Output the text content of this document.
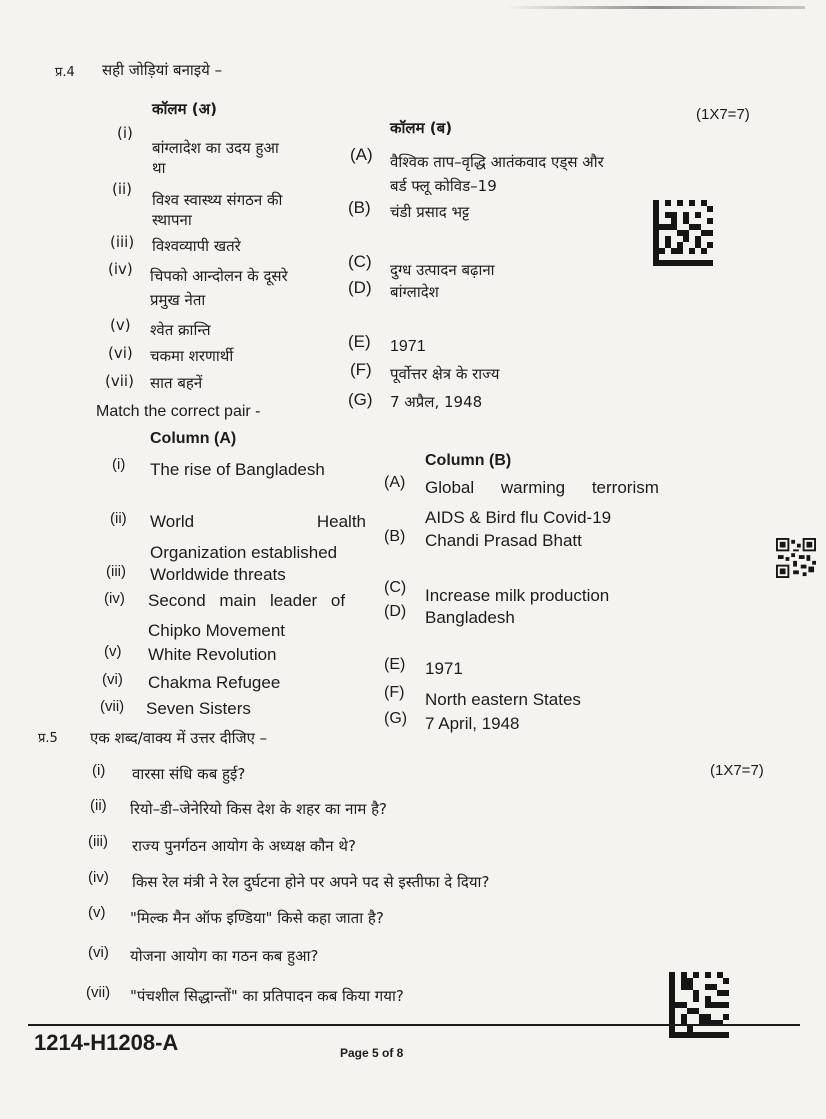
प्र.4 सही जोड़ियां बनाइये –
(1X7=7)
कॉलम (अ)
कॉलम (ब)
(i)
बांग्लादेश का उदय हुआ
था
(ii)
विश्व स्वास्थ्य संगठन की
स्थापना
(iii) विश्वव्यापी खतरे
(iv) चिपको आन्दोलन के दूसरे
प्रमुख नेता
(v) श्वेत क्रान्ति
(vi) चकमा शरणार्थी
(vii) सात बहनें
(A) वैश्विक ताप–वृद्धि आतंकवाद एड्स और
बर्ड फ्लू कोविड–19
(B) चंडी प्रसाद भट्ट
(C) दुग्ध उत्पादन बढ़ाना
(D) बांग्लादेश
(E) 1971
(F) पूर्वोत्तर क्षेत्र के राज्य
(G) 7 अप्रैल, 1948
Match the correct pair -
Column (A)
Column (B)
(i) The rise of Bangladesh
(ii) World	Health
Organization established
(iii) Worldwide threats
(iv) Second main leader of
Chipko Movement
(v) White Revolution
(vi) Chakma Refugee
(vii) Seven Sisters
(A) Global warming terrorism
AIDS & Bird flu Covid-19
(B) Chandi Prasad Bhatt
(C) Increase milk production
(D) Bangladesh
(E) 1971
(F) North eastern States
(G) 7 April, 1948
प्र.5 एक शब्द/वाक्य में उत्तर दीजिए –
(1X7=7)
(i) वारसा संधि कब हुई?
(ii) रियो–डी–जेनेरियो किस देश के शहर का नाम है?
(iii) राज्य पुनर्गठन आयोग के अध्यक्ष कौन थे?
(iv) किस रेल मंत्री ने रेल दुर्घटना होने पर अपने पद से इस्तीफा दे दिया?
(v) "मिल्क मैन ऑफ इण्डिया" किसे कहा जाता है?
(vi) योजना आयोग का गठन कब हुआ?
(vii) "पंचशील सिद्धान्तों" का प्रतिपादन कब किया गया?
1214-H1208-A	Page 5 of 8
